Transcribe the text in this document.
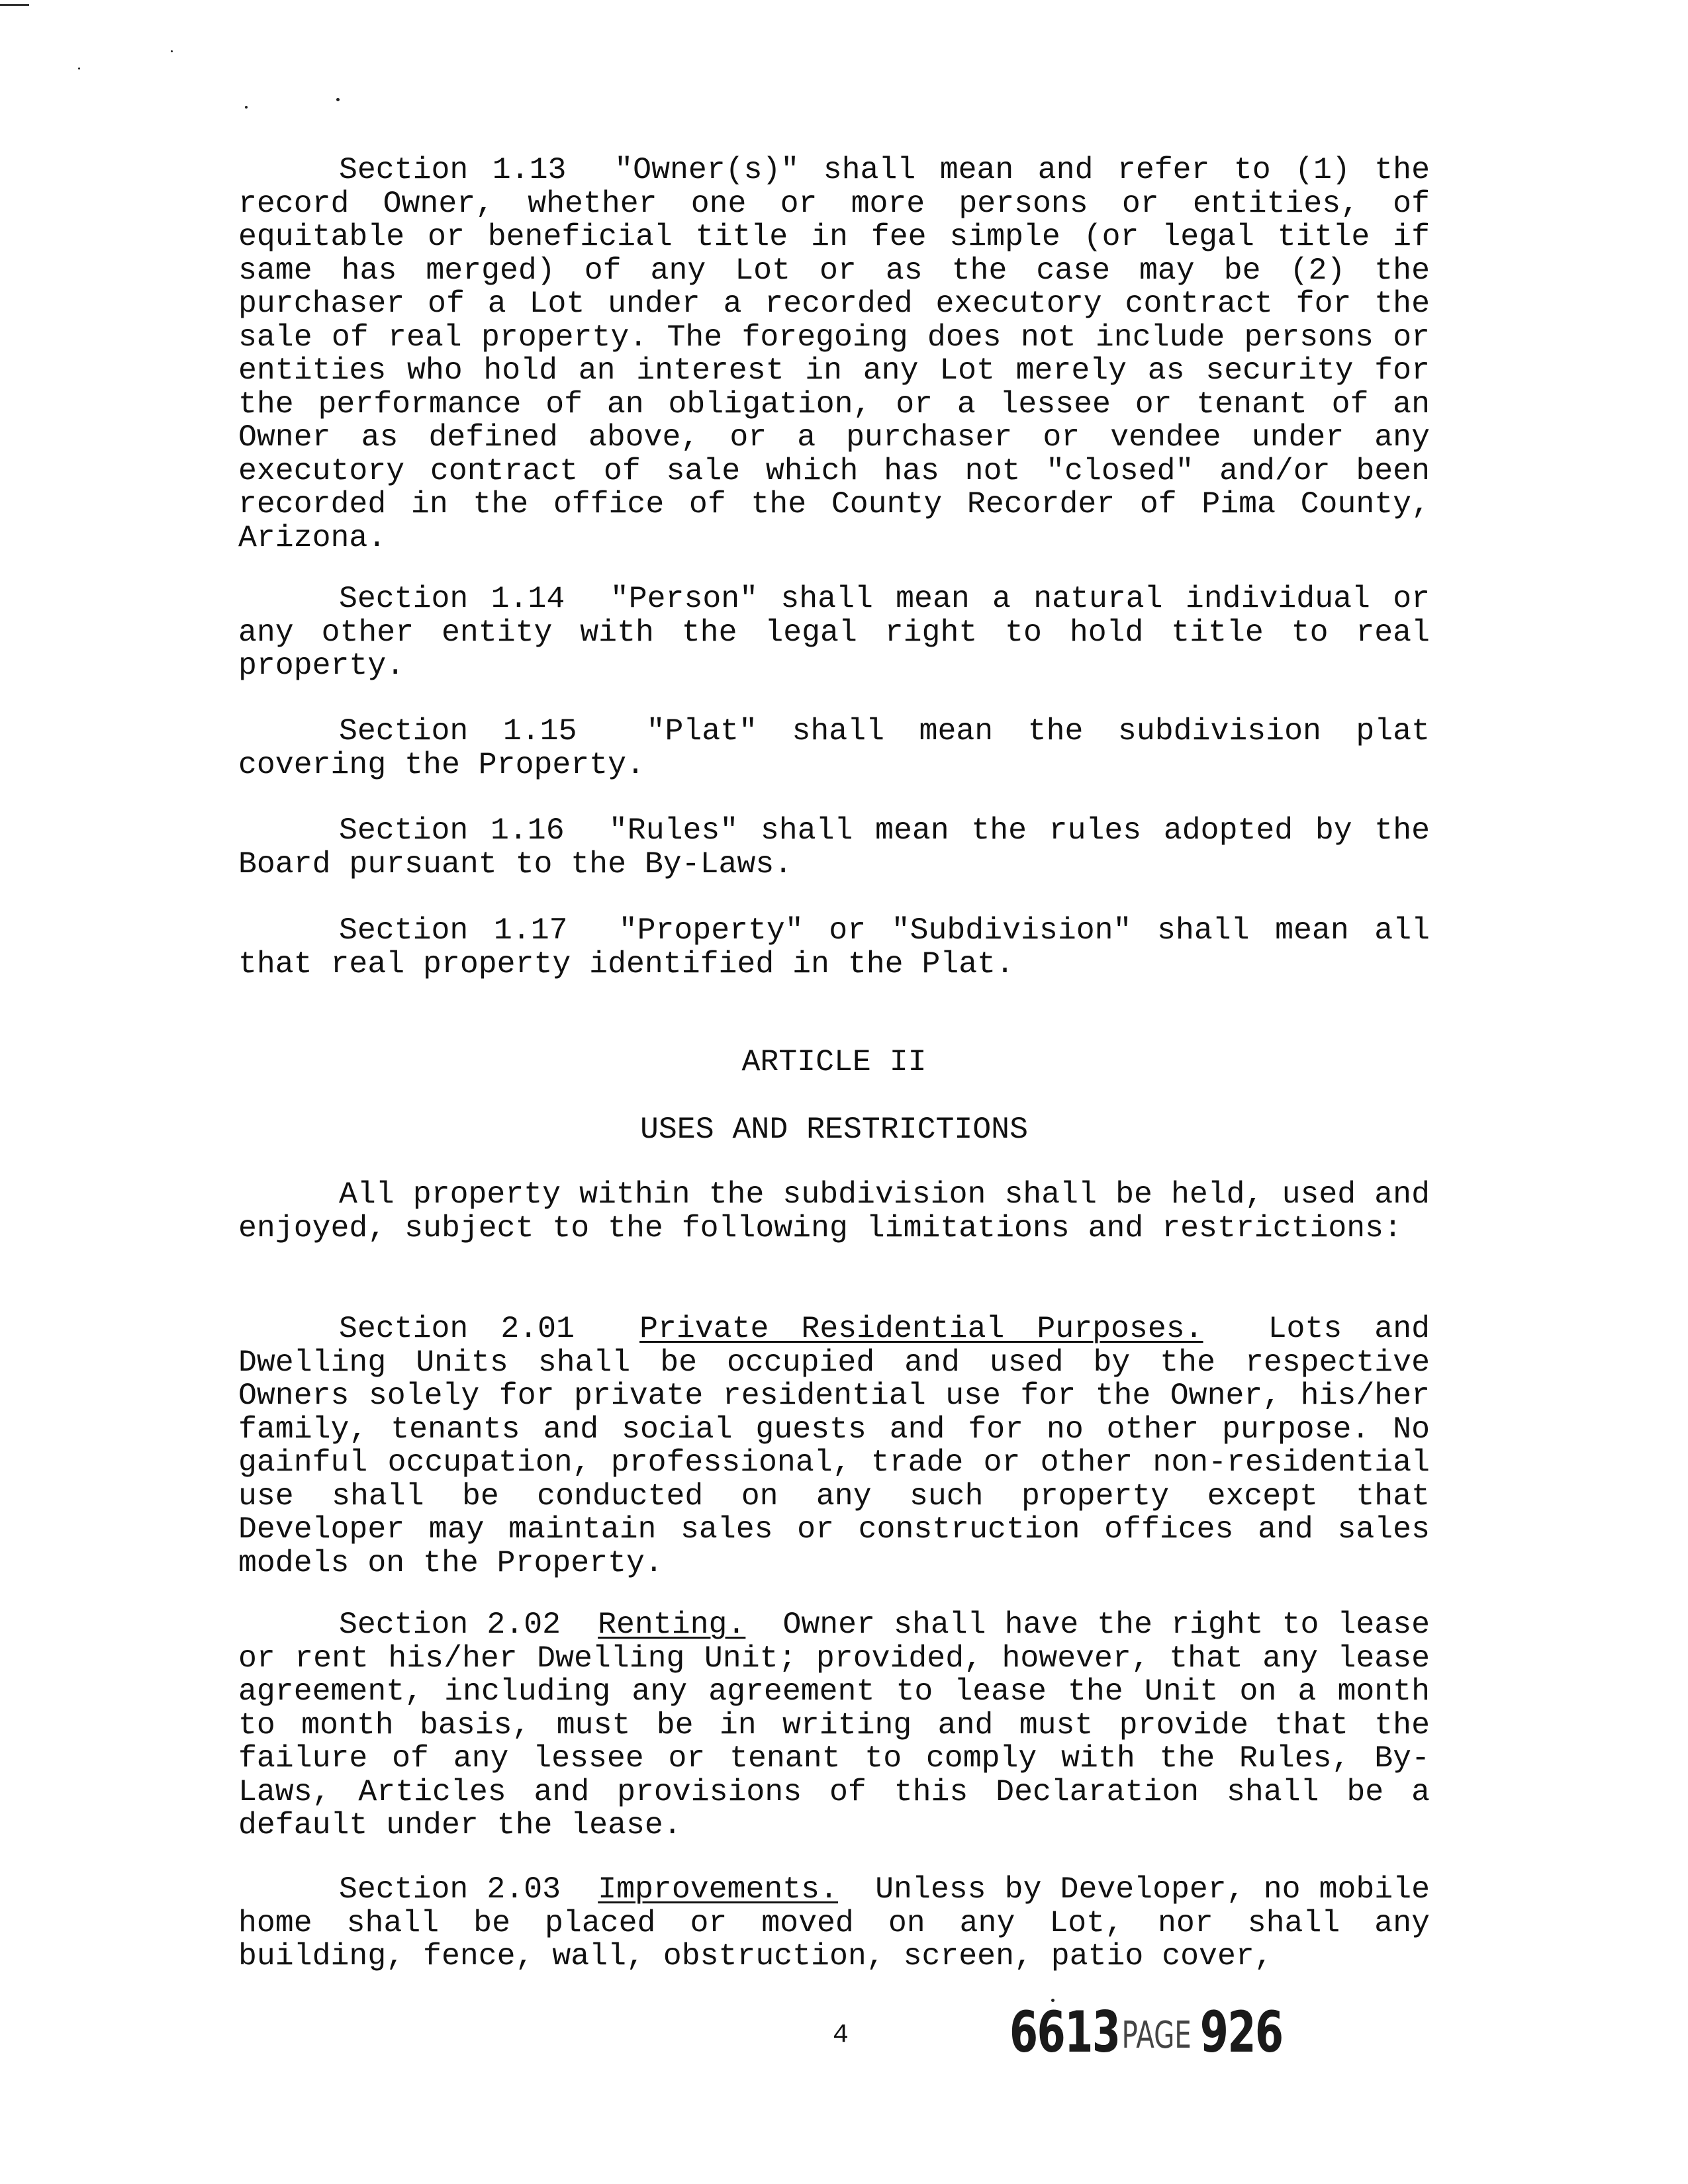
Section 1.13 "Owner(s)" shall mean and refer to (1) the record Owner, whether one or more persons or entities, of equitable or beneficial title in fee simple (or legal title if same has merged) of any Lot or as the case may be (2) the purchaser of a Lot under a recorded executory contract for the sale of real property. The foregoing does not include persons or entities who hold an interest in any Lot merely as security for the performance of an obligation, or a lessee or tenant of an Owner as defined above, or a purchaser or vendee under any executory contract of sale which has not "closed" and/or been recorded in the office of the County Recorder of Pima County, Arizona.

Section 1.14 "Person" shall mean a natural individual or any other entity with the legal right to hold title to real property.

Section 1.15 "Plat" shall mean the subdivision plat covering the Property.

Section 1.16 "Rules" shall mean the rules adopted by the Board pursuant to the By-Laws.

Section 1.17 "Property" or "Subdivision" shall mean all that real property identified in the Plat.

ARTICLE II

USES AND RESTRICTIONS

All property within the subdivision shall be held, used and enjoyed, subject to the following limitations and restrictions:

Section 2.01 Private Residential Purposes. Lots and Dwelling Units shall be occupied and used by the respective Owners solely for private residential use for the Owner, his/her family, tenants and social guests and for no other purpose. No gainful occupation, professional, trade or other non-residential use shall be conducted on any such property except that Developer may maintain sales or construction offices and sales models on the Property.

Section 2.02 Renting. Owner shall have the right to lease or rent his/her Dwelling Unit; provided, however, that any lease agreement, including any agreement to lease the Unit on a month to month basis, must be in writing and must provide that the failure of any lessee or tenant to comply with the Rules, By-Laws, Articles and provisions of this Declaration shall be a default under the lease.

Section 2.03 Improvements. Unless by Developer, no mobile home shall be placed or moved on any Lot, nor shall any building, fence, wall, obstruction, screen, patio cover,

4	6613PAGE 926
